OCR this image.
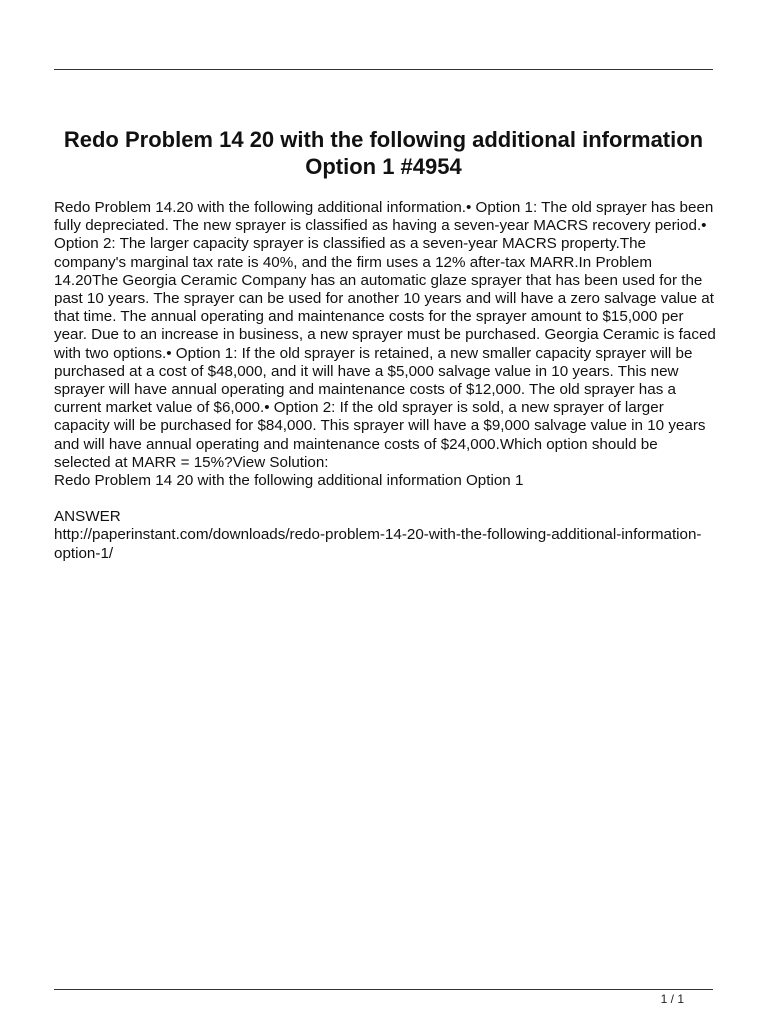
Redo Problem 14 20 with the following additional information Option 1 #4954

Redo Problem 14.20 with the following additional information.• Option 1: The old sprayer has been fully depreciated. The new sprayer is classified as having a seven-year MACRS recovery period.• Option 2: The larger capacity sprayer is classified as a seven-year MACRS property.The company's marginal tax rate is 40%, and the firm uses a 12% after-tax MARR.In Problem 14.20The Georgia Ceramic Company has an automatic glaze sprayer that has been used for the past 10 years. The sprayer can be used for another 10 years and will have a zero salvage value at that time. The annual operating and maintenance costs for the sprayer amount to $15,000 per year. Due to an increase in business, a new sprayer must be purchased. Georgia Ceramic is faced with two options.• Option 1: If the old sprayer is retained, a new smaller capacity sprayer will be purchased at a cost of $48,000, and it will have a $5,000 salvage value in 10 years. This new sprayer will have annual operating and maintenance costs of $12,000. The old sprayer has a current market value of $6,000.• Option 2: If the old sprayer is sold, a new sprayer of larger capacity will be purchased for $84,000. This sprayer will have a $9,000 salvage value in 10 years and will have annual operating and maintenance costs of $24,000.Which option should be selected at MARR = 15%?View Solution:

Redo Problem 14 20 with the following additional information Option 1

ANSWER

http://paperinstant.com/downloads/redo-problem-14-20-with-the-following-additional-information-option-1/

1 / 1
